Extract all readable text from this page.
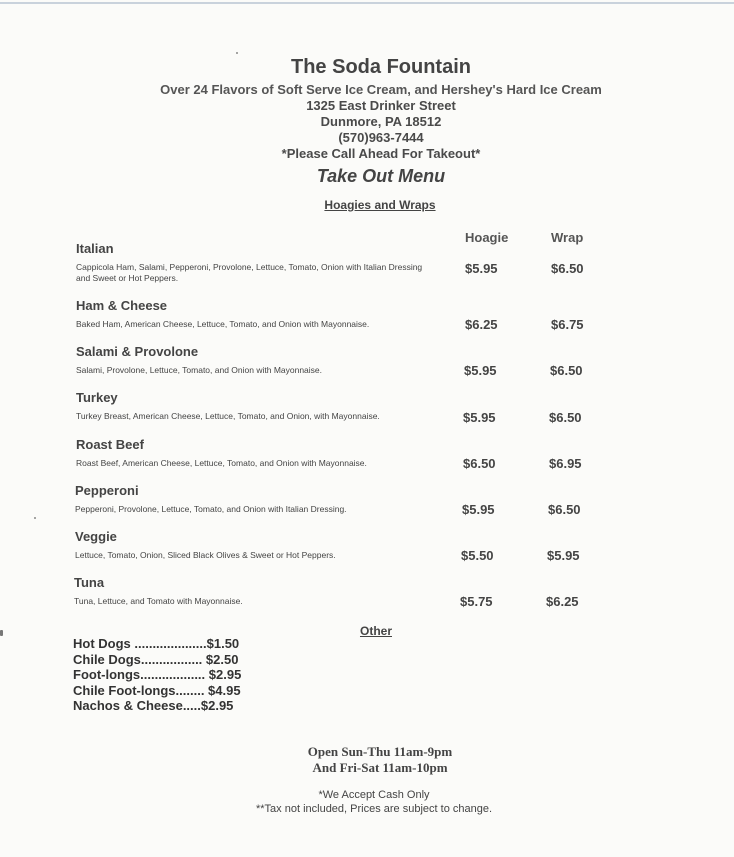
The Soda Fountain
Over 24 Flavors of Soft Serve Ice Cream, and Hershey's Hard Ice Cream
1325 East Drinker Street
Dunmore, PA 18512
(570)963-7444
*Please Call Ahead For Takeout*
Take Out Menu
Hoagies and Wraps
Hoagie	Wrap
Italian
Cappicola Ham, Salami, Pepperoni, Provolone, Lettuce, Tomato, Onion with Italian Dressing and Sweet or Hot Peppers.
$5.95	$6.50
Ham & Cheese
Baked Ham, American Cheese, Lettuce, Tomato, and Onion with Mayonnaise.	$6.25	$6.75
Salami & Provolone
Salami, Provolone, Lettuce, Tomato, and Onion with Mayonnaise.	$5.95	$6.50
Turkey
Turkey Breast, American Cheese, Lettuce, Tomato, and Onion, with Mayonnaise.	$5.95	$6.50
Roast Beef
Roast Beef, American Cheese, Lettuce, Tomato, and Onion with Mayonnaise.	$6.50	$6.95
Pepperoni
Pepperoni, Provolone, Lettuce, Tomato, and Onion with Italian Dressing.	$5.95	$6.50
Veggie
Lettuce, Tomato, Onion, Sliced Black Olives & Sweet or Hot Peppers.	$5.50	$5.95
Tuna
Tuna, Lettuce, and Tomato with Mayonnaise.	$5.75	$6.25
Other
Hot Dogs ....................$1.50
Chile Dogs................. $2.50
Foot-longs.................. $2.95
Chile Foot-longs........ $4.95
Nachos & Cheese.....$2.95
Open Sun-Thu 11am-9pm
And Fri-Sat 11am-10pm
*We Accept Cash Only
**Tax not included, Prices are subject to change.
